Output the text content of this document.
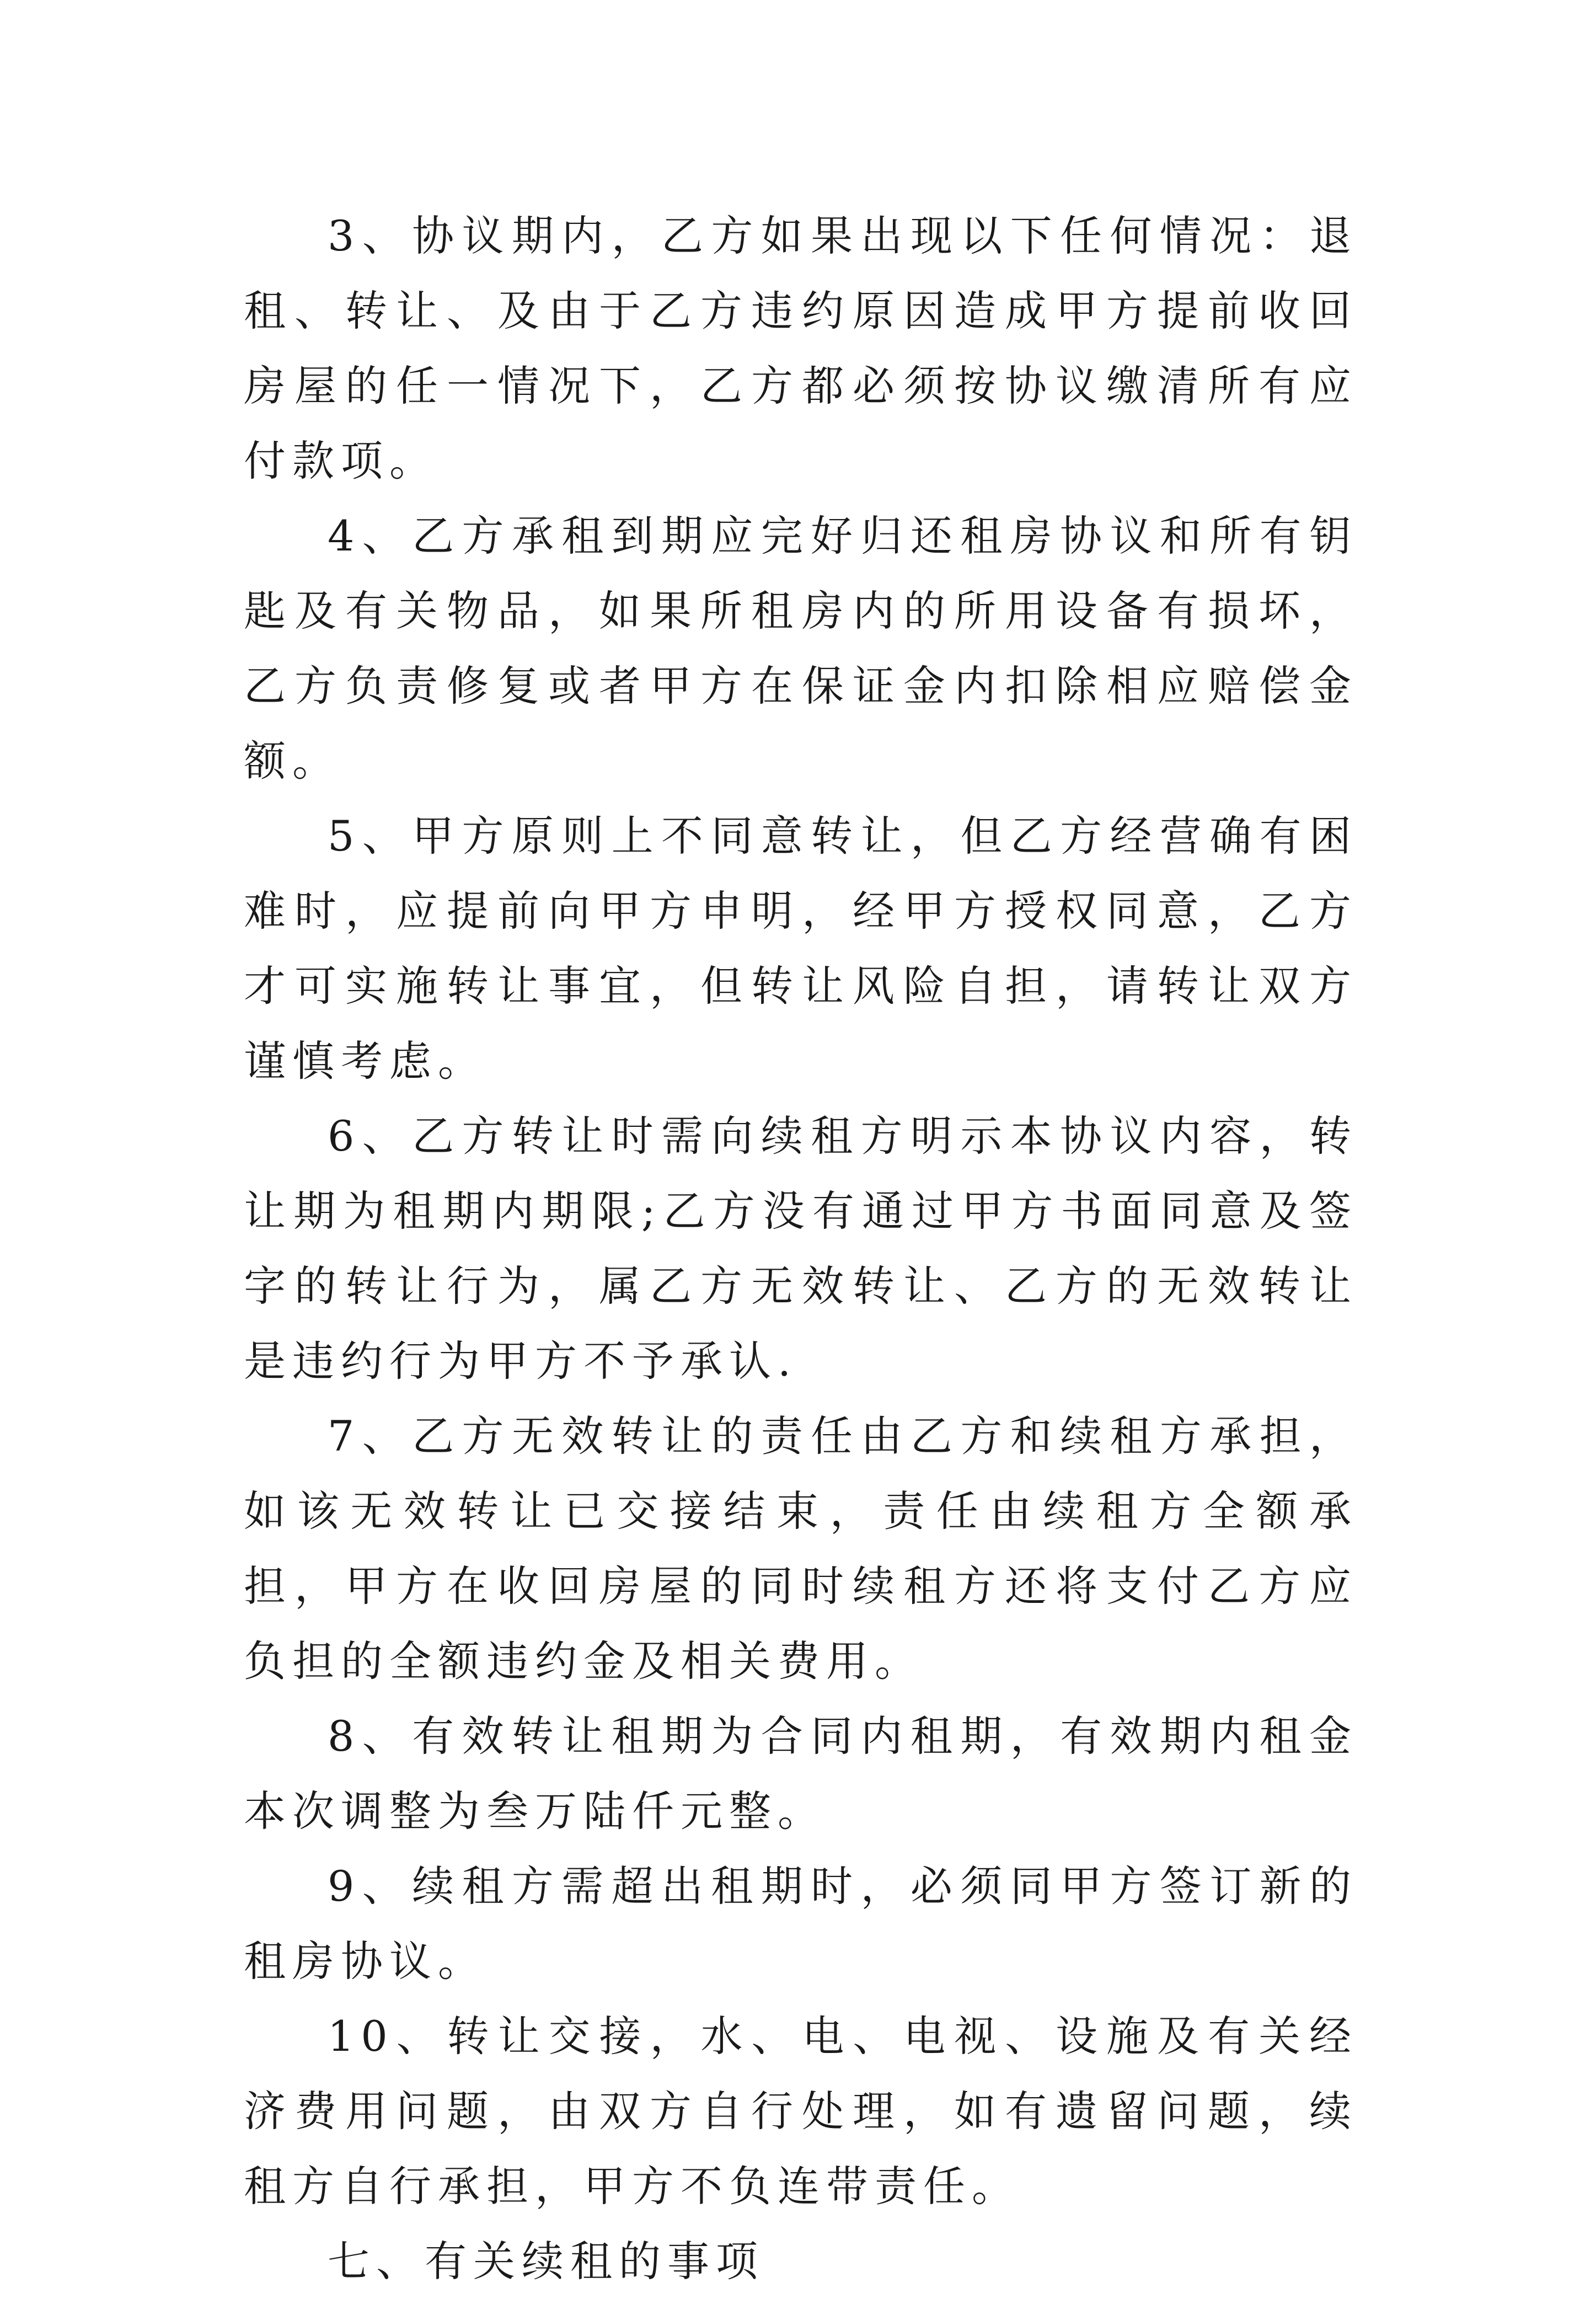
3、协议期内，乙方如果出现以下任何情况：退租、转让、及由于乙方违约原因造成甲方提前收回房屋的任一情况下，乙方都必须按协议缴清所有应付款项。

4、乙方承租到期应完好归还租房协议和所有钥匙及有关物品，如果所租房内的所用设备有损坏，乙方负责修复或者甲方在保证金内扣除相应赔偿金额。

5、甲方原则上不同意转让，但乙方经营确有困难时，应提前向甲方申明，经甲方授权同意，乙方才可实施转让事宜，但转让风险自担，请转让双方谨慎考虑。

6、乙方转让时需向续租方明示本协议内容，转让期为租期内期限;乙方没有通过甲方书面同意及签字的转让行为，属乙方无效转让、乙方的无效转让是违约行为甲方不予承认.

7、乙方无效转让的责任由乙方和续租方承担，如该无效转让已交接结束，责任由续租方全额承担，甲方在收回房屋的同时续租方还将支付乙方应负担的全额违约金及相关费用。

8、有效转让租期为合同内租期，有效期内租金本次调整为叁万陆仟元整。

9、续租方需超出租期时，必须同甲方签订新的租房协议。

10、转让交接，水、电、电视、设施及有关经济费用问题，由双方自行处理，如有遗留问题，续租方自行承担，甲方不负连带责任。

七、有关续租的事项
